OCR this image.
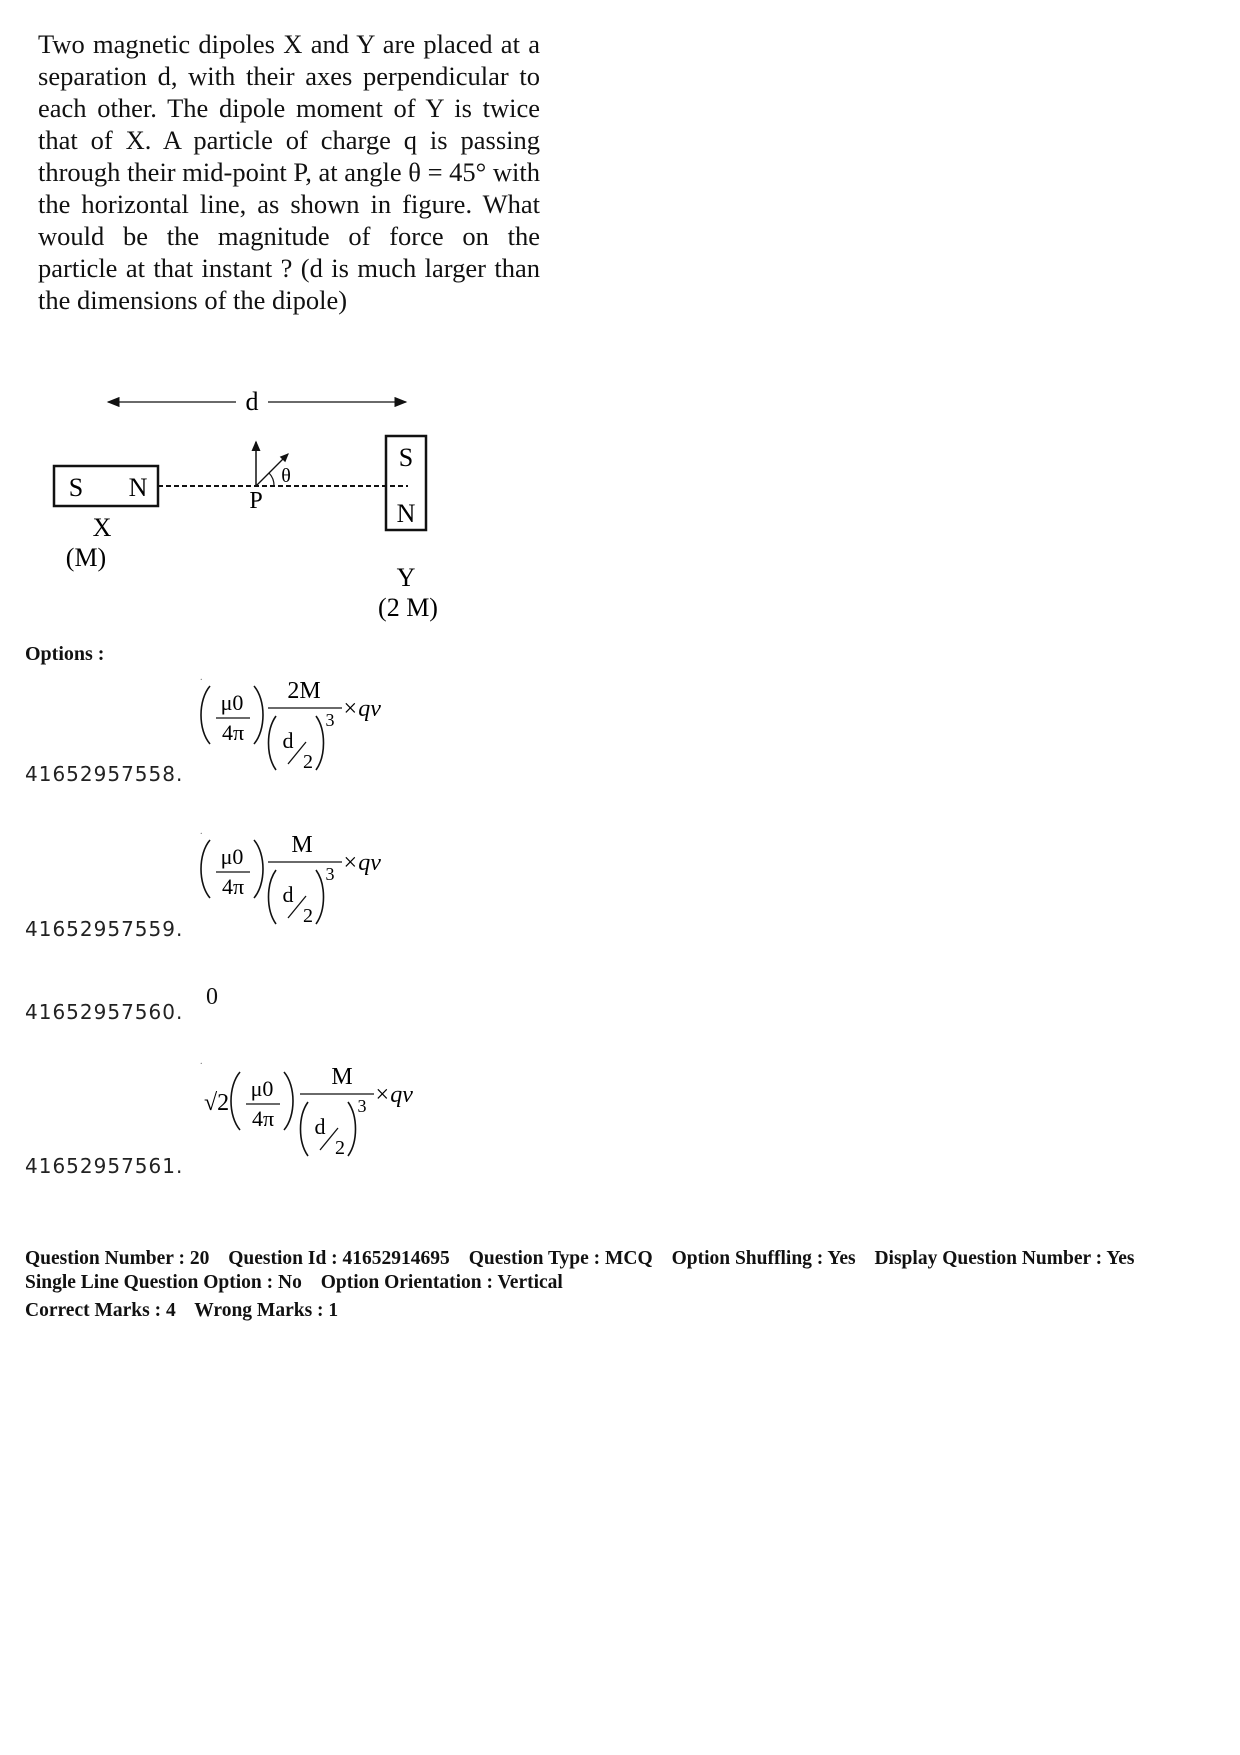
Two magnetic dipoles X and Y are placed at a separation d, with their axes perpendicular to each other. The dipole moment of Y is twice that of X. A particle of charge q is passing through their mid-point P, at angle θ = 45° with the horizontal line, as shown in figure. What would be the magnitude of force on the particle at that instant ? (d is much larger than the dimensions of the dipole)
d
S N
X
(M)
θ
P
S
N
Y
(2 M)
Options :
.
μ0
4π
2M
d
2
3 ×qv
41652957558.
.
μ0
4π
M
d
2
3 ×qv
41652957559.
0
41652957560.
.
√2
μ0
4π
M
d
2
3 ×qv
41652957561.
Question Number : 20 Question Id : 41652914695 Question Type : MCQ Option Shuffling : Yes Display Question Number : Yes
Single Line Question Option : No Option Orientation : Vertical
Correct Marks : 4 Wrong Marks : 1
